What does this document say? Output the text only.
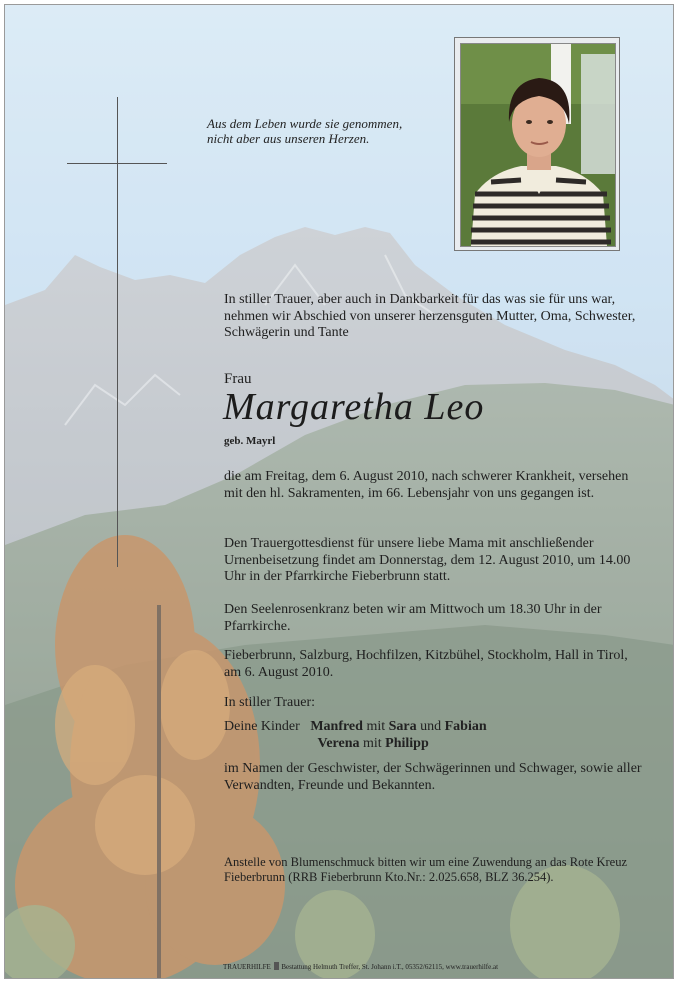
Aus dem Leben wurde sie genommen,
nicht aber aus unseren Herzen.
In stiller Trauer, aber auch in Dankbarkeit für das was sie für uns war, nehmen wir Abschied von unserer herzensguten Mutter, Oma, Schwester, Schwägerin und Tante
Frau
Margaretha Leo
geb. Mayrl
die am Freitag, dem 6. August 2010, nach schwerer Krankheit, versehen mit den hl. Sakramenten, im 66. Lebensjahr von uns gegangen ist.
Den Trauergottesdienst für unsere liebe Mama mit anschließender Urnenbeisetzung findet am Donnerstag, dem 12. August 2010, um 14.00 Uhr in der Pfarrkirche Fieberbrunn statt.
Den Seelenrosenkranz beten wir am Mittwoch um 18.30 Uhr in der Pfarrkirche.
Fieberbrunn, Salzburg, Hochfilzen, Kitzbühel, Stockholm, Hall in Tirol, am 6. August 2010.
In stiller Trauer:
Deine Kinder Manfred mit Sara und Fabian
Verena mit Philipp
im Namen der Geschwister, der Schwägerinnen und Schwager, sowie aller Verwandten, Freunde und Bekannten.
Anstelle von Blumenschmuck bitten wir um eine Zuwendung an das Rote Kreuz Fieberbrunn (RRB Fieberbrunn Kto.Nr.: 2.025.658, BLZ 36.254).
TRAUERHILFE Bestattung Helmuth Treffer, St. Johann i.T., 05352/62115, www.trauerhilfe.at
